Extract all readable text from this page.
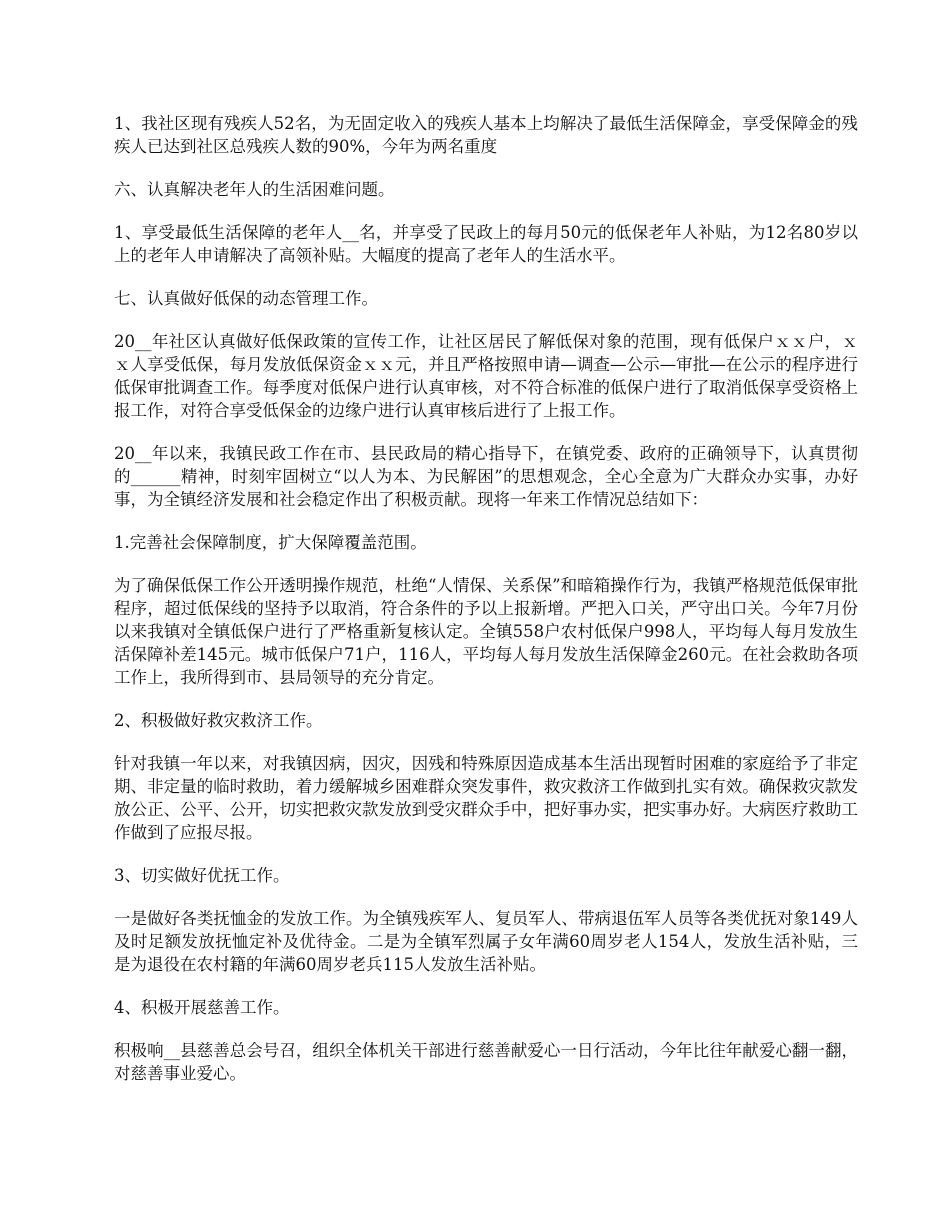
1、我社区现有残疾人52名，为无固定收入的残疾人基本上均解决了最低生活保障金，享受保障金的残疾人已达到社区总残疾人数的90%，今年为两名重度

六、认真解决老年人的生活困难问题。

1、享受最低生活保障的老年人__名，并享受了民政上的每月50元的低保老年人补贴，为12名80岁以上的老年人申请解决了高领补贴。大幅度的提高了老年人的生活水平。

七、认真做好低保的动态管理工作。

20__年社区认真做好低保政策的宣传工作，让社区居民了解低保对象的范围，现有低保户ｘｘ户，ｘｘ人享受低保，每月发放低保资金ｘｘ元，并且严格按照申请—调查—公示—审批—在公示的程序进行低保审批调查工作。每季度对低保户进行认真审核，对不符合标准的低保户进行了取消低保享受资格上报工作，对符合享受低保金的边缘户进行认真审核后进行了上报工作。

20__年以来，我镇民政工作在市、县民政局的精心指导下，在镇党委、政府的正确领导下，认真贯彻的______精神，时刻牢固树立“以人为本、为民解困”的思想观念，全心全意为广大群众办实事，办好事，为全镇经济发展和社会稳定作出了积极贡献。现将一年来工作情况总结如下：

1.完善社会保障制度，扩大保障覆盖范围。

为了确保低保工作公开透明操作规范，杜绝“人情保、关系保”和暗箱操作行为，我镇严格规范低保审批程序，超过低保线的坚持予以取消，符合条件的予以上报新增。严把入口关，严守出口关。今年7月份以来我镇对全镇低保户进行了严格重新复核认定。全镇558户农村低保户998人，平均每人每月发放生活保障补差145元。城市低保户71户，116人，平均每人每月发放生活保障金260元。在社会救助各项工作上，我所得到市、县局领导的充分肯定。

2、积极做好救灾救济工作。

针对我镇一年以来，对我镇因病，因灾，因残和特殊原因造成基本生活出现暂时困难的家庭给予了非定期、非定量的临时救助，着力缓解城乡困难群众突发事件，救灾救济工作做到扎实有效。确保救灾款发放公正、公平、公开，切实把救灾款发放到受灾群众手中，把好事办实，把实事办好。大病医疗救助工作做到了应报尽报。

3、切实做好优抚工作。

一是做好各类抚恤金的发放工作。为全镇残疾军人、复员军人、带病退伍军人员等各类优抚对象149人及时足额发放抚恤定补及优待金。二是为全镇军烈属子女年满60周岁老人154人，发放生活补贴，三是为退役在农村籍的年满60周岁老兵115人发放生活补贴。

4、积极开展慈善工作。

积极响__县慈善总会号召，组织全体机关干部进行慈善献爱心一日行活动，今年比往年献爱心翻一翻，对慈善事业爱心。
